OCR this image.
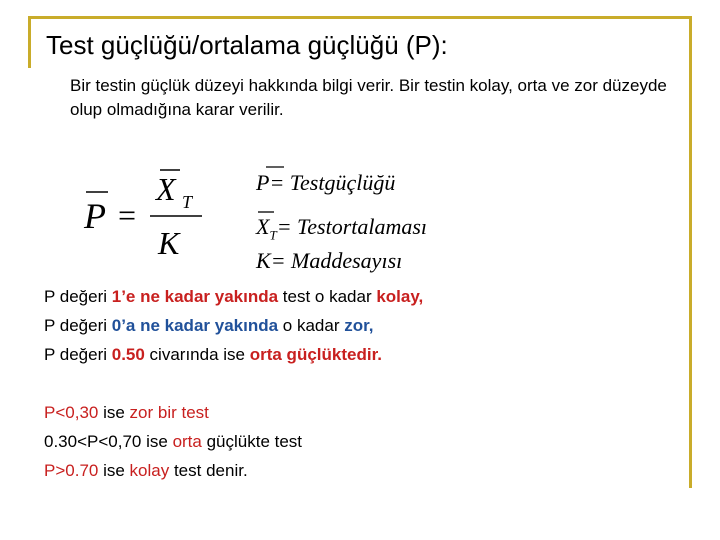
Test güçlüğü/ortalama güçlüğü (P):
Bir testin güçlük düzeyi hakkında bilgi verir. Bir testin kolay, orta ve zor düzeyde olup olmadığına karar verilir.
P =
X T
K
P= Testgüçlüğü
$X_T=$ Testortalaması
K= Maddesayısı
P değeri 1’e ne kadar yakında test o kadar kolay,
P değeri 0’a ne kadar yakında o kadar zor,
P değeri 0.50 civarında ise orta güçlüktedir.
P<0,30 ise zor bir test
0.30<P<0,70 ise orta güçlükte test
P>0.70 ise kolay test denir.
